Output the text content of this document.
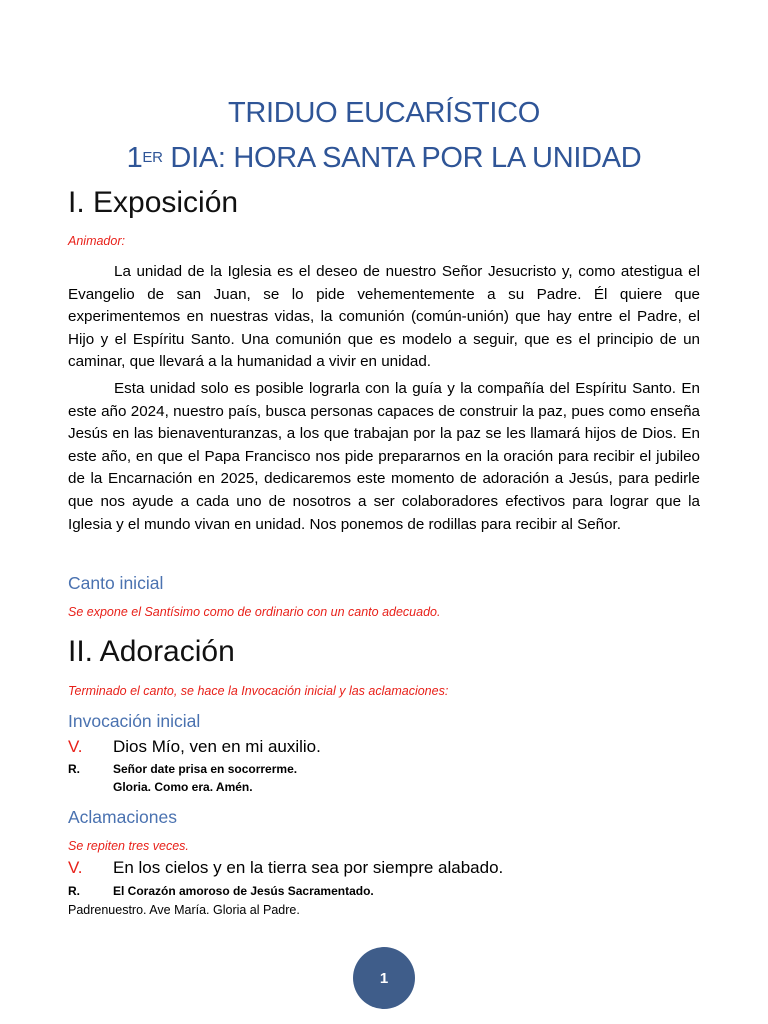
TRIDUO EUCARÍSTICO
1ER DIA: HORA SANTA POR LA UNIDAD
I. Exposición
Animador:

La unidad de la Iglesia es el deseo de nuestro Señor Jesucristo y, como atestigua el Evangelio de san Juan, se lo pide vehementemente a su Padre. Él quiere que experimentemos en nuestras vidas, la comunión (común-unión) que hay entre el Padre, el Hijo y el Espíritu Santo. Una comunión que es modelo a seguir, que es el principio de un caminar, que llevará a la humanidad a vivir en unidad.

Esta unidad solo es posible lograrla con la guía y la compañía del Espíritu Santo. En este año 2024, nuestro país, busca personas capaces de construir la paz, pues como enseña Jesús en las bienaventuranzas, a los que trabajan por la paz se les llamará hijos de Dios. En este año, en que el Papa Francisco nos pide prepararnos en la oración para recibir el jubileo de la Encarnación en 2025, dedicaremos este momento de adoración a Jesús, para pedirle que nos ayude a cada uno de nosotros a ser colaboradores efectivos para lograr que la Iglesia y el mundo vivan en unidad. Nos ponemos de rodillas para recibir al Señor.

Canto inicial
Se expone el Santísimo como de ordinario con un canto adecuado.
II. Adoración
Terminado el canto, se hace la Invocación inicial y las aclamaciones:
Invocación inicial
V. Dios Mío, ven en mi auxilio.
R.	Señor date prisa en socorrerme.
Gloria. Como era. Amén.
Aclamaciones
Se repiten tres veces.
V. En los cielos y en la tierra sea por siempre alabado.
R.	El Corazón amoroso de Jesús Sacramentado.
Padrenuestro. Ave María. Gloria al Padre.
1
